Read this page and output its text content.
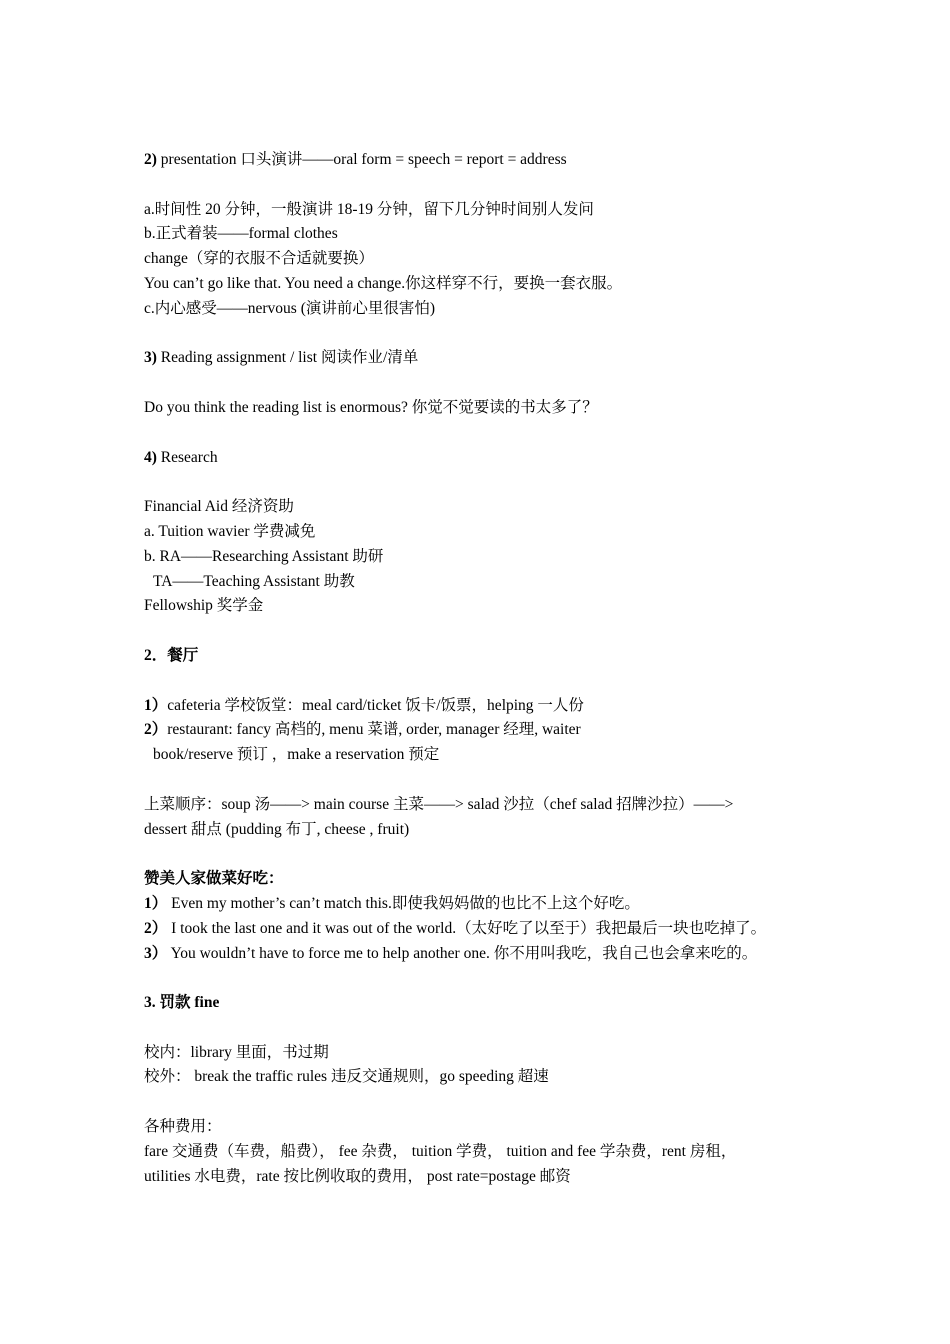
2) presentation 口头演讲——oral form = speech = report = address
a.时间性 20 分钟，一般演讲 18-19 分钟，留下几分钟时间别人发问
b.正式着装——formal clothes
change（穿的衣服不合适就要换）
You can’t go like that. You need a change.你这样穿不行，要换一套衣服。
c.内心感受——nervous (演讲前心里很害怕)
3) Reading assignment / list 阅读作业/清单
Do you think the reading list is enormous? 你觉不觉要读的书太多了？
4) Research
Financial Aid 经济资助
a. Tuition wavier 学费减免
b. RA——Researching Assistant 助研
TA——Teaching Assistant 助教
Fellowship 奖学金
2．餐厅
1）cafeteria 学校饭堂：meal card/ticket 饭卡/饭票，helping 一人份
2）restaurant: fancy 高档的, menu 菜谱, order, manager 经理, waiter
book/reserve 预订 ，make a reservation 预定
上菜顺序：soup 汤——> main course 主菜——> salad 沙拉（chef salad 招牌沙拉）——>
dessert 甜点 (pudding 布丁, cheese , fruit)
赞美人家做菜好吃：
1） Even my mother’s can’t match this.即使我妈妈做的也比不上这个好吃。
2） I took the last one and it was out of the world.（太好吃了以至于）我把最后一块也吃掉了。
3） You wouldn’t have to force me to help another one. 你不用叫我吃，我自己也会拿来吃的。
3. 罚款 fine
校内：library 里面，书过期
校外： break the traffic rules 违反交通规则，go speeding 超速
各种费用：
fare 交通费（车费，船费）， fee 杂费， tuition 学费， tuition and fee 学杂费，rent 房租，
utilities 水电费，rate 按比例收取的费用， post rate=postage 邮资
